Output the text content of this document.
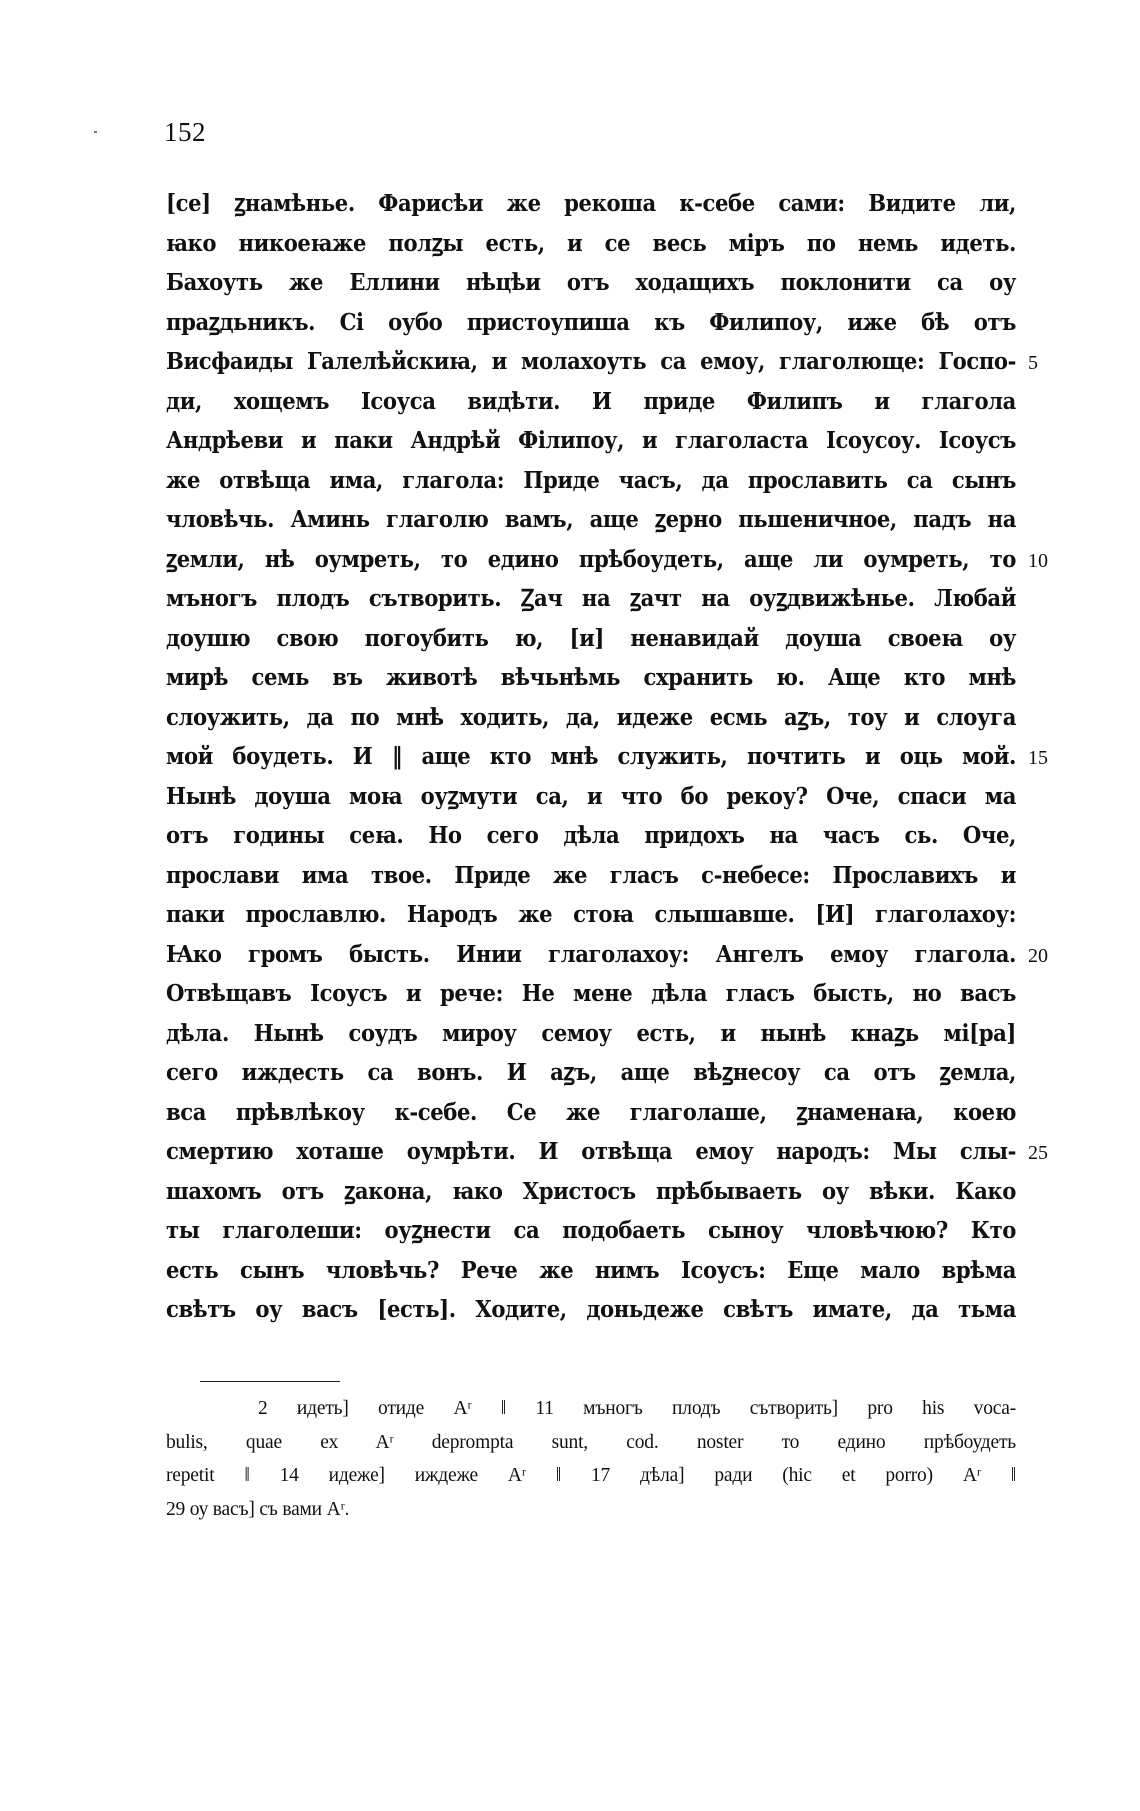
152
[се] ꙁнамѣнье. Фарисѣи же рекоша к-себе сами: Видите ли,
ꙗко никоеꙗже полꙁы есть, и се весь міръ по немь идеть.
Бахоуть же Еллини нѣцѣи отъ ходащихъ поклонити са оу
праꙁдьникъ. Сі оубо пристоупиша къ Филипоу, иже бѣ отъ
Висфаиды Галелѣйскиꙗ, и молахоуть са емоу, глаголюще: Госпо-
ди, хощемъ Ісоуса видѣти. И приде Филипъ и глагола
Андрѣеви и паки Андрѣй Філипоу, и глаголаста Ісоусоу. Ісоусъ
же отвѣща има, глагола: Приде часъ, да прославить са сынъ
чловѣчь. Аминь глаголю вамъ, аще ꙁерно пьшеничное, падъ на
ꙁемли, нѣ оумреть, то едино прѣбоудеть, аще ли оумреть, то
мъногъ плодъ сътворить. Ꙁач на ꙁачт на оуꙁдвижѣнье. Любай
доушю свою погоубить ю, [и] ненавидай доуша своеꙗ оу
мирѣ семь въ животѣ вѣчьнѣмь схранить ю. Аще кто мнѣ
слоужить, да по мнѣ ходить, да, идеже есмь аꙁъ, тоу и слоуга
мой боудеть. И ‖ аще кто мнѣ служить, почтить и оць мой.
Нынѣ доуша моꙗ оуꙁмути са, и что бо рекоу? Оче, спаси ма
отъ годины сеꙗ. Но сего дѣла придохъ на часъ сь. Оче,
прослави има твое. Приде же гласъ с-небесе: Прославихъ и
паки прославлю. Народъ же стоꙗ слышавше. [И] глаголахоу:
Ꙗко громъ бысть. Инии глаголахоу: Ангелъ емоу глагола.
Отвѣщавъ Ісоусъ и рече: Не мене дѣла гласъ бысть, но васъ
дѣла. Нынѣ соудъ мироу семоу есть, и нынѣ кнаꙁь мі[ра]
сего иждесть са вонъ. И аꙁъ, аще вѣꙁнесоу са отъ ꙁемла,
вса прѣвлѣкоу к-себе. Се же глаголаше, ꙁнаменаꙗ, коею
смертию хоташе оумрѣти. И отвѣща емоу народъ: Мы слы-
шахомъ отъ ꙁакона, ꙗко Христосъ прѣбываеть оу вѣки. Како
ты глаголеши: оуꙁнести са подобаеть сыноу чловѣчюю? Кто
есть сынъ чловѣчь? Рече же нимъ Ісоусъ: Еще мало врѣма
свѣтъ оу васъ [есть]. Ходите, доньдеже свѣтъ имате, да тьма
5
10
15
20
25
2 идеть] отиде Aʳ ‖ 11 мъногъ плодъ сътворить] pro his voca-
bulis, quae ex Aʳ deprompta sunt, cod. noster то едино прѣбоудеть
repetit ‖ 14 идеже] иждеже Aʳ ‖ 17 дѣла] ради (hic et porro) Aʳ ‖
29 оу васъ] съ вами Aʳ.
